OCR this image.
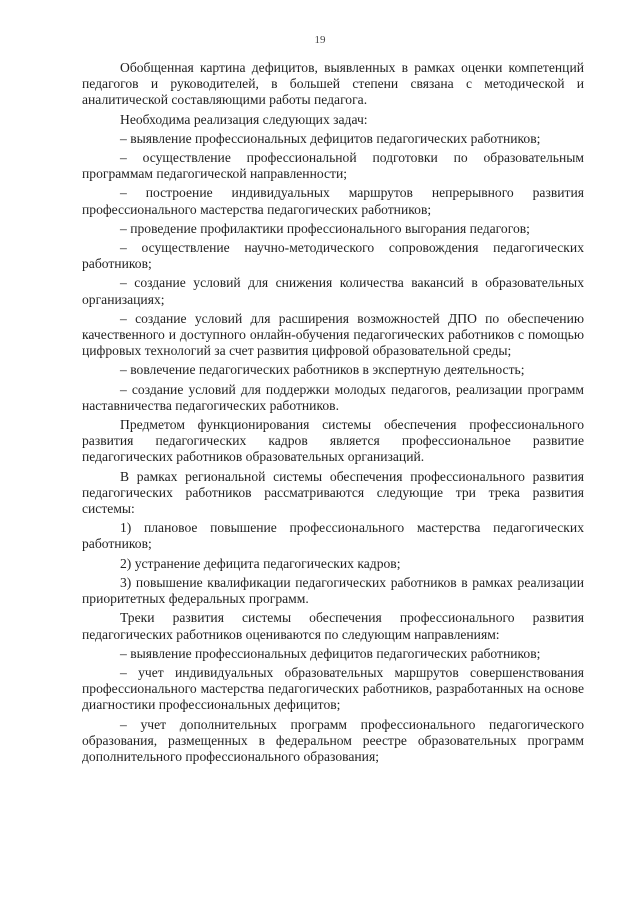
19

Обобщенная картина дефицитов, выявленных в рамках оценки компетенций педагогов и руководителей, в большей степени связана с методической и аналитической составляющими работы педагога.

Необходима реализация следующих задач:

– выявление профессиональных дефицитов педагогических работников;

– осуществление профессиональной подготовки по образовательным программам педагогической направленности;

– построение индивидуальных маршрутов непрерывного развития профессионального мастерства педагогических работников;

– проведение профилактики профессионального выгорания педагогов;

– осуществление научно-методического сопровождения педагогических работников;

– создание условий для снижения количества вакансий в образовательных организациях;

– создание условий для расширения возможностей ДПО по обеспечению качественного и доступного онлайн-обучения педагогических работников с помощью цифровых технологий за счет развития цифровой образовательной среды;

– вовлечение педагогических работников в экспертную деятельность;

– создание условий для поддержки молодых педагогов, реализации программ наставничества педагогических работников.

Предметом функционирования системы обеспечения профессионального развития педагогических кадров является профессиональное развитие педагогических работников образовательных организаций.

В рамках региональной системы обеспечения профессионального развития педагогических работников рассматриваются следующие три трека развития системы:

1) плановое повышение профессионального мастерства педагогических работников;

2) устранение дефицита педагогических кадров;

3) повышение квалификации педагогических работников в рамках реализации приоритетных федеральных программ.

Треки развития системы обеспечения профессионального развития педагогических работников оцениваются по следующим направлениям:

– выявление профессиональных дефицитов педагогических работников;

– учет индивидуальных образовательных маршрутов совершенствования профессионального мастерства педагогических работников, разработанных на основе диагностики профессиональных дефицитов;

– учет дополнительных программ профессионального педагогического образования, размещенных в федеральном реестре образовательных программ дополнительного профессионального образования;
